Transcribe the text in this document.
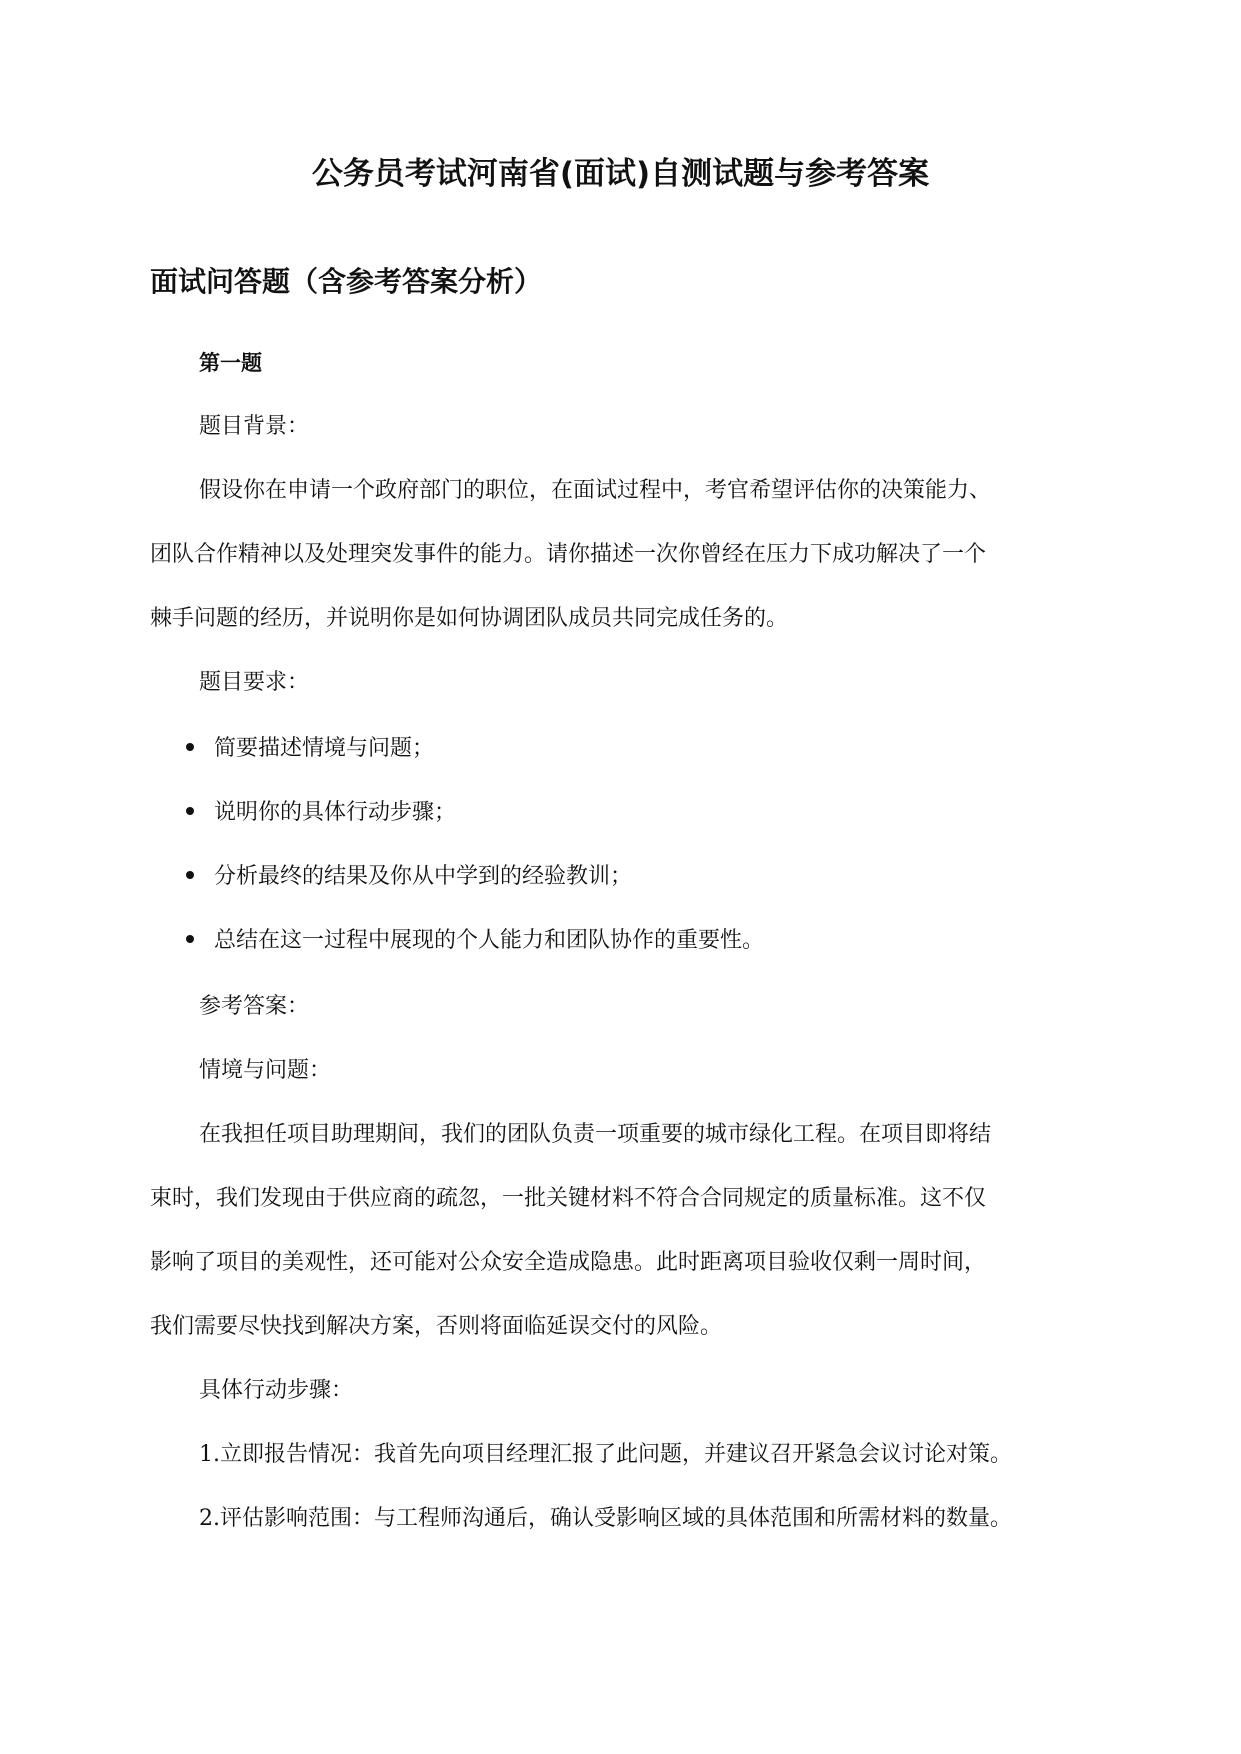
公务员考试河南省(面试)自测试题与参考答案
面试问答题（含参考答案分析）

第一题

题目背景：

假设你在申请一个政府部门的职位，在面试过程中，考官希望评估你的决策能力、

团队合作精神以及处理突发事件的能力。请你描述一次你曾经在压力下成功解决了一个

棘手问题的经历，并说明你是如何协调团队成员共同完成任务的。

题目要求：

简要描述情境与问题；
说明你的具体行动步骤；
分析最终的结果及你从中学到的经验教训；
总结在这一过程中展现的个人能力和团队协作的重要性。

参考答案：

情境与问题：

在我担任项目助理期间，我们的团队负责一项重要的城市绿化工程。在项目即将结

束时，我们发现由于供应商的疏忽，一批关键材料不符合合同规定的质量标准。这不仅

影响了项目的美观性，还可能对公众安全造成隐患。此时距离项目验收仅剩一周时间，

我们需要尽快找到解决方案，否则将面临延误交付的风险。

具体行动步骤：

1.立即报告情况：我首先向项目经理汇报了此问题，并建议召开紧急会议讨论对策。

2.评估影响范围：与工程师沟通后，确认受影响区域的具体范围和所需材料的数量。
